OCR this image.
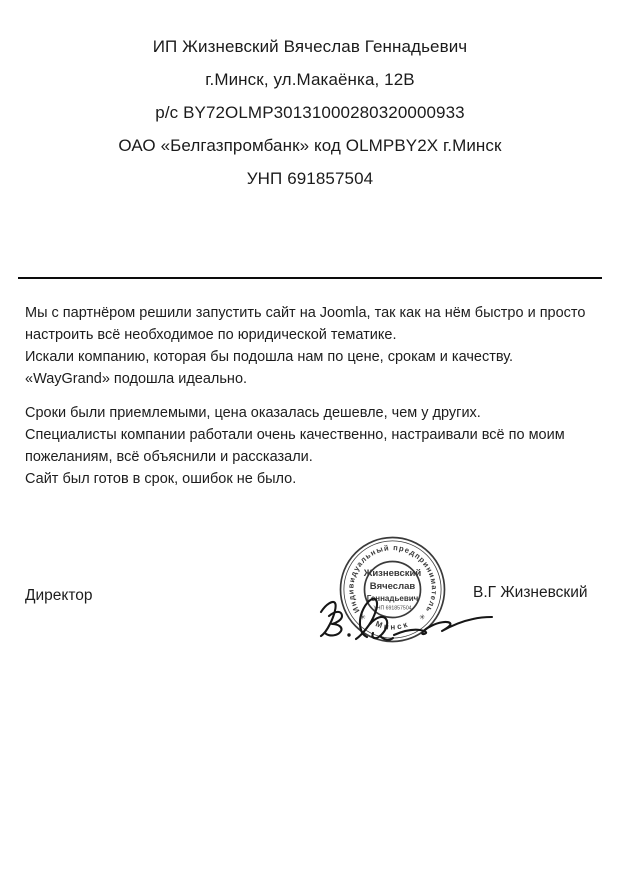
ИП Жизневский Вячеслав Геннадьевич
г.Минск, ул.Макаёнка, 12В
р/с BY72OLMP30131000280320000933
ОАО «Белгазпромбанк» код OLMPBY2X г.Минск
УНП 691857504
Мы с партнёром решили запустить сайт на Joomla, так как на нём быстро и просто
настроить всё необходимое по юридической тематике.
Искали компанию, которая бы подошла нам по цене, срокам и качеству.
«WayGrand» подошла идеально.
Сроки были приемлемыми, цена оказалась дешевле, чем у других.
Специалисты компании работали очень качественно, настраивали всё по моим
пожеланиям, всё объяснили и рассказали.
Сайт был готов в срок, ошибок не было.
Директор	В.Г Жизневский
Индивидуальный предприниматель
Минск
✳	✳
Жизневский
Вячеслав
Геннадьевич
УНП 691857504
